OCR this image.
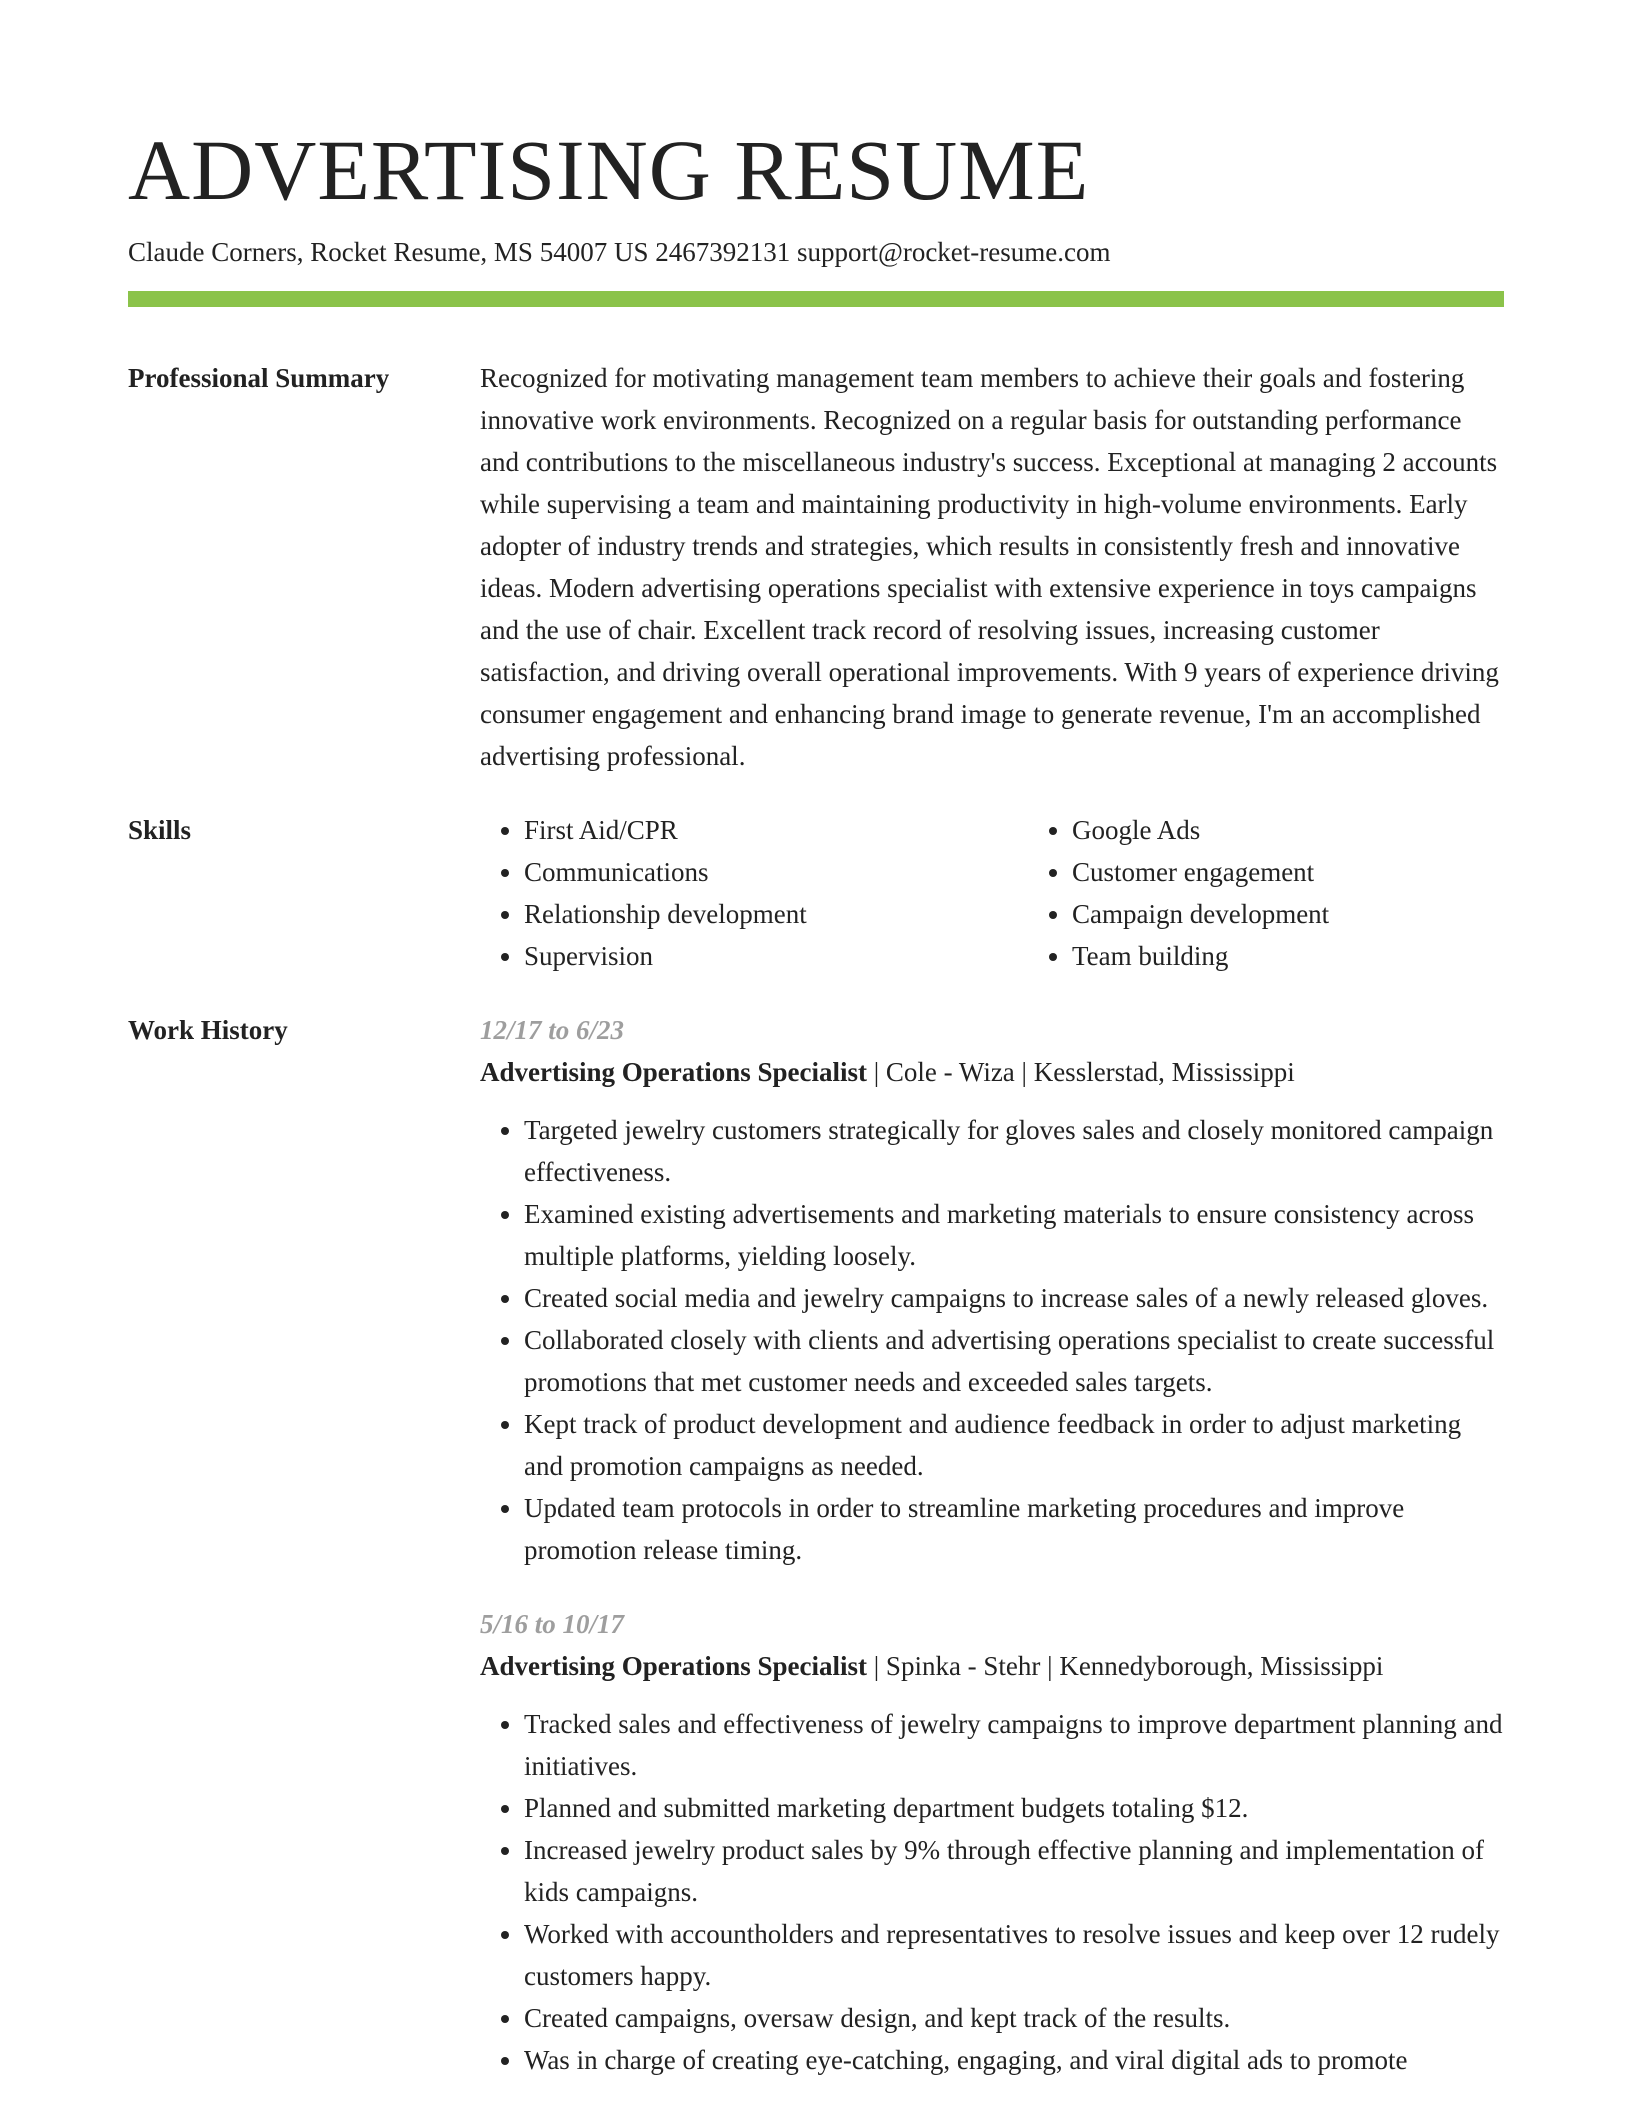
ADVERTISING RESUME
Claude Corners, Rocket Resume, MS 54007 US 2467392131 support@rocket-resume.com
Professional Summary	Recognized for motivating management team members to achieve their goals and fostering innovative work environments. Recognized on a regular basis for outstanding performance and contributions to the miscellaneous industry's success. Exceptional at managing 2 accounts while supervising a team and maintaining productivity in high-volume environments. Early adopter of industry trends and strategies, which results in consistently fresh and innovative ideas. Modern advertising operations specialist with extensive experience in toys campaigns and the use of chair. Excellent track record of resolving issues, increasing customer satisfaction, and driving overall operational improvements. With 9 years of experience driving consumer engagement and enhancing brand image to generate revenue, I'm an accomplished advertising professional.

Skills
•	First Aid/CPR
• Communications
• Relationship development
• Supervision
• Google Ads
• Customer engagement
• Campaign development
• Team building
Work History	12/17 to 6/23
Advertising Operations Specialist | Cole - Wiza | Kesslerstad, Mississippi
• Targeted jewelry customers strategically for gloves sales and closely monitored campaign effectiveness.
• Examined existing advertisements and marketing materials to ensure consistency across multiple platforms, yielding loosely.
• Created social media and jewelry campaigns to increase sales of a newly released gloves.
• Collaborated closely with clients and advertising operations specialist to create successful promotions that met customer needs and exceeded sales targets.
• Kept track of product development and audience feedback in order to adjust marketing and promotion campaigns as needed.
• Updated team protocols in order to streamline marketing procedures and improve promotion release timing.
5/16 to 10/17
Advertising Operations Specialist | Spinka - Stehr | Kennedyborough, Mississippi
• Tracked sales and effectiveness of jewelry campaigns to improve department planning and initiatives.
• Planned and submitted marketing department budgets totaling $12.
• Increased jewelry product sales by 9% through effective planning and implementation of kids campaigns.
• Worked with accountholders and representatives to resolve issues and keep over 12 rudely customers happy.
• Created campaigns, oversaw design, and kept track of the results.
• Was in charge of creating eye-catching, engaging, and viral digital ads to promote
